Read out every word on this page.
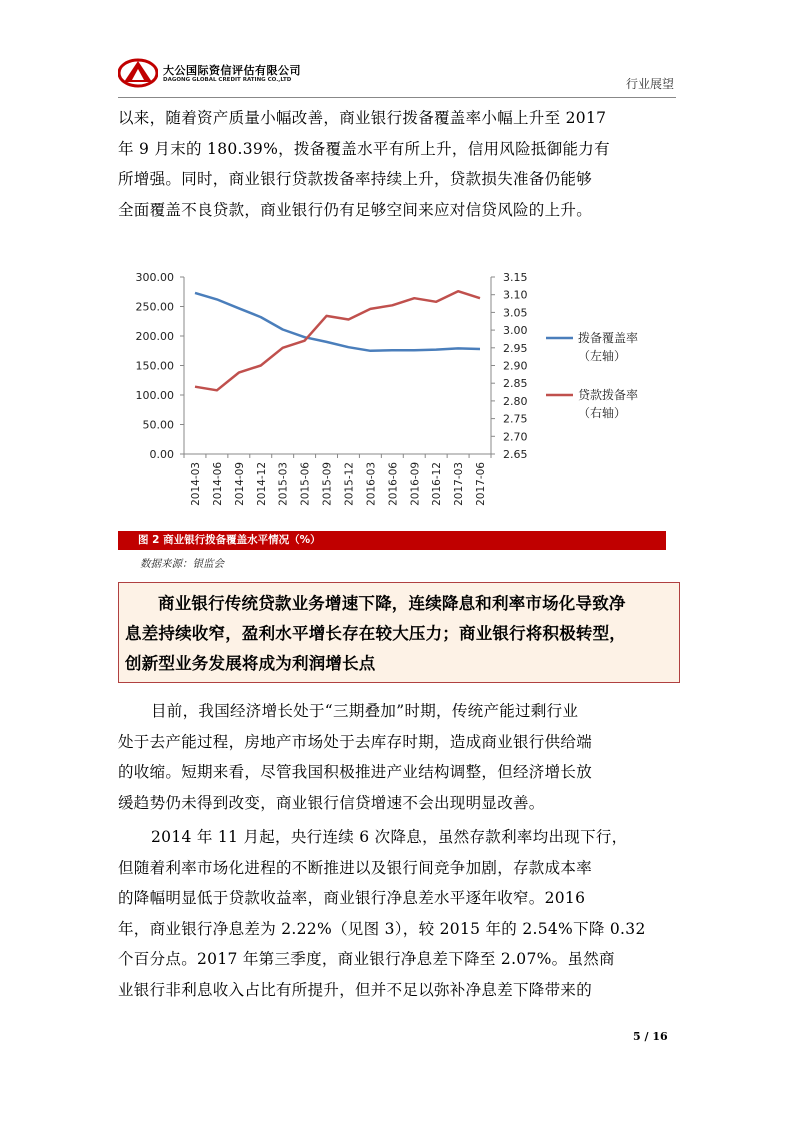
大公国际资信评估有限公司
DAGONG GLOBAL CREDIT RATING CO.,LTD	行业展望
以来，随着资产质量小幅改善，商业银行拨备覆盖率小幅上升至 2017
年 9 月末的 180.39%，拨备覆盖水平有所上升，信用风险抵御能力有
所增强。同时，商业银行贷款拨备率持续上升，贷款损失准备仍能够
全面覆盖不良贷款，商业银行仍有足够空间来应对信贷风险的上升。
0.00
50.00
100.00
150.00
200.00
250.00
300.00
2.65
2.70
2.75
2.80
2.85
2.90
2.95
3.00
3.05
3.10
3.15
2014-03 2014-06 2014-09 2014-12 2015-03 2015-06 2015-09 2015-12 2016-03 2016-06 2016-09 2016-12 2017-03 2017-06
拨备覆盖率
（左轴）
贷款拨备率
（右轴）
图 2 商业银行拨备覆盖水平情况（%）
数据来源：银监会
商业银行传统贷款业务增速下降，连续降息和利率市场化导致净
息差持续收窄，盈利水平增长存在较大压力；商业银行将积极转型，
创新型业务发展将成为利润增长点
目前，我国经济增长处于“三期叠加”时期，传统产能过剩行业
处于去产能过程，房地产市场处于去库存时期，造成商业银行供给端
的收缩。短期来看，尽管我国积极推进产业结构调整，但经济增长放
缓趋势仍未得到改变，商业银行信贷增速不会出现明显改善。
2014 年 11 月起，央行连续 6 次降息，虽然存款利率均出现下行，
但随着利率市场化进程的不断推进以及银行间竞争加剧，存款成本率
的降幅明显低于贷款收益率，商业银行净息差水平逐年收窄。2016
年，商业银行净息差为 2.22%（见图 3），较 2015 年的 2.54%下降 0.32
个百分点。2017 年第三季度，商业银行净息差下降至 2.07%。虽然商
业银行非利息收入占比有所提升，但并不足以弥补净息差下降带来的
5 / 16
